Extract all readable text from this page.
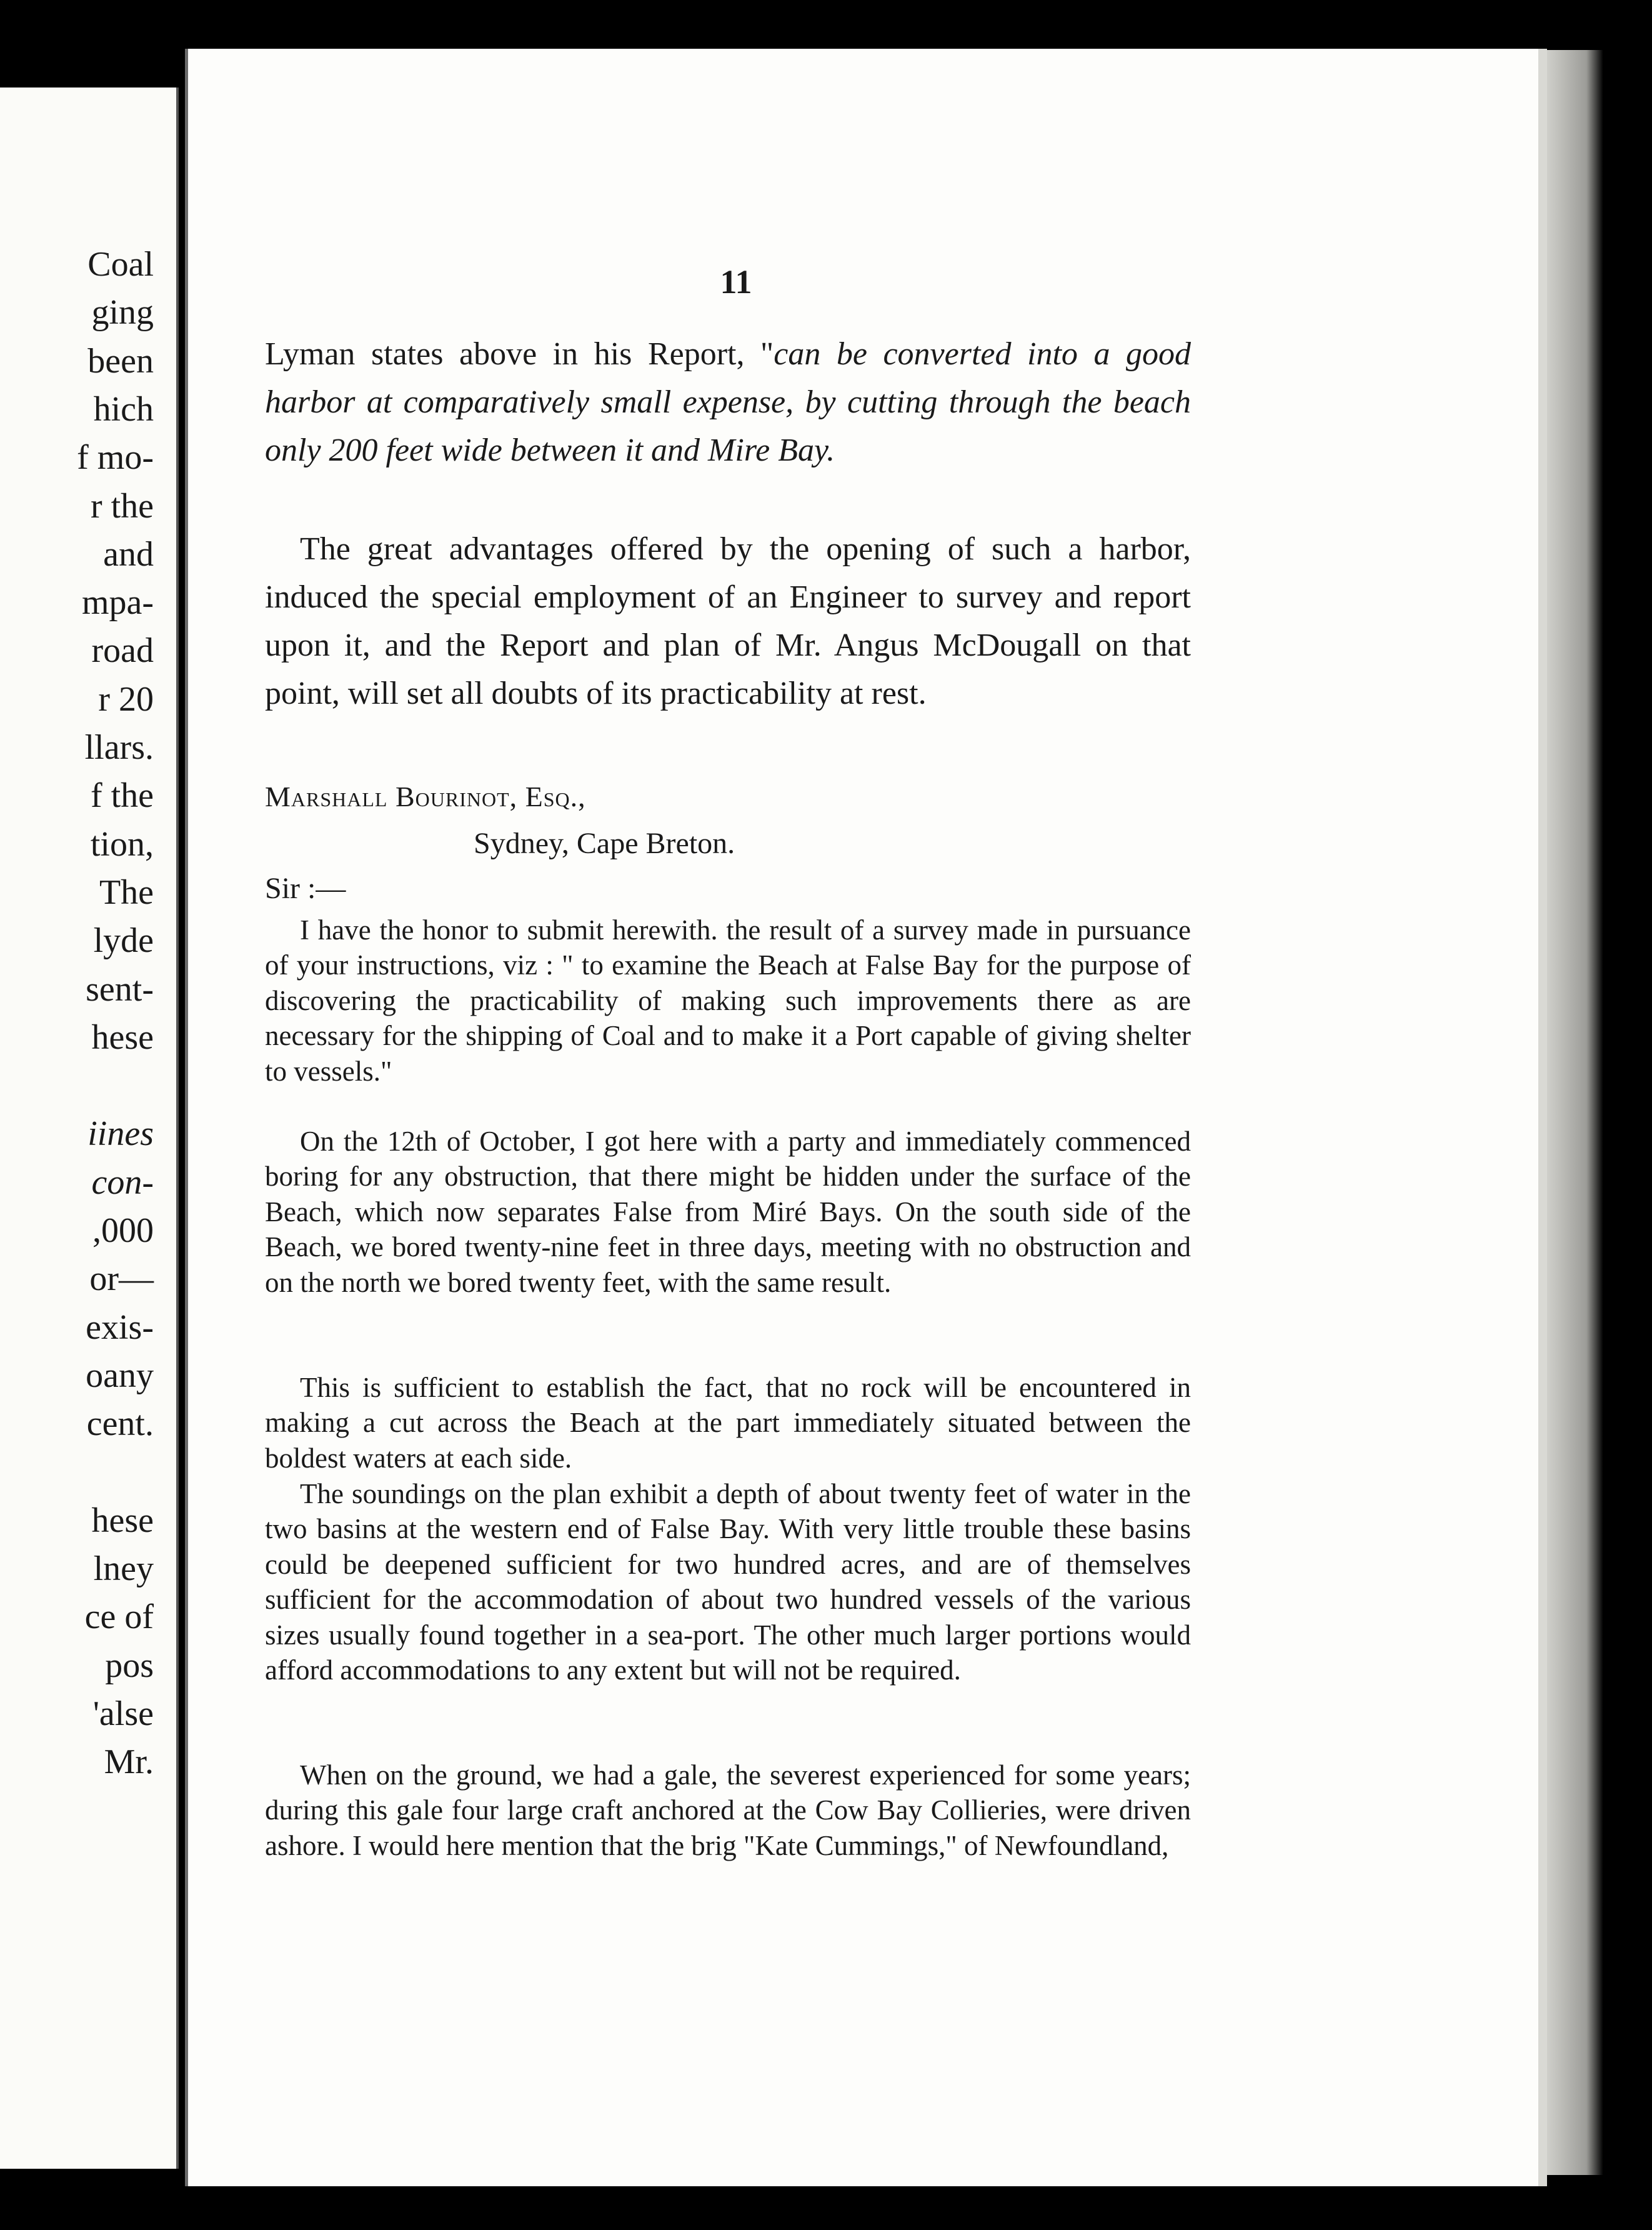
Coal
ging
been
hich
f mo-
r the
and
mpa-
road
r 20
llars.
f the
tion,
The
lyde
sent-
hese
iines
con-
,000
or—
exis-
oany
cent.
hese
lney
ce of
pos
'alse
Mr.
11
Lyman states above in his Report, "can be converted into a good harbor at comparatively small expense, by cutting through the beach only 200 feet wide between it and Mire Bay.
The great advantages offered by the opening of such a harbor, induced the special employment of an Engineer to survey and report upon it, and the Report and plan of Mr. Angus McDougall on that point, will set all doubts of its practicability at rest.
Marshall Bourinot, Esq.,
Sydney, Cape Breton.
Sir :—
I have the honor to submit herewith. the result of a survey made in pursuance of your instructions, viz : " to examine the Beach at False Bay for the purpose of discovering the practicability of making such improvements there as are necessary for the shipping of Coal and to make it a Port capable of giving shelter to vessels."
On the 12th of October, I got here with a party and immediately commenced boring for any obstruction, that there might be hidden under the surface of the Beach, which now separates False from Miré Bays. On the south side of the Beach, we bored twenty-nine feet in three days, meeting with no obstruction and on the north we bored twenty feet, with the same result.
This is sufficient to establish the fact, that no rock will be encountered in making a cut across the Beach at the part immediately situated between the boldest waters at each side.
The soundings on the plan exhibit a depth of about twenty feet of water in the two basins at the western end of False Bay. With very little trouble these basins could be deepened sufficient for two hundred acres, and are of themselves sufficient for the accommodation of about two hundred vessels of the various sizes usually found together in a sea-port. The other much larger portions would afford accommodations to any extent but will not be required.
When on the ground, we had a gale, the severest experienced for some years; during this gale four large craft anchored at the Cow Bay Collieries, were driven ashore. I would here mention that the brig "Kate Cummings," of Newfoundland,
